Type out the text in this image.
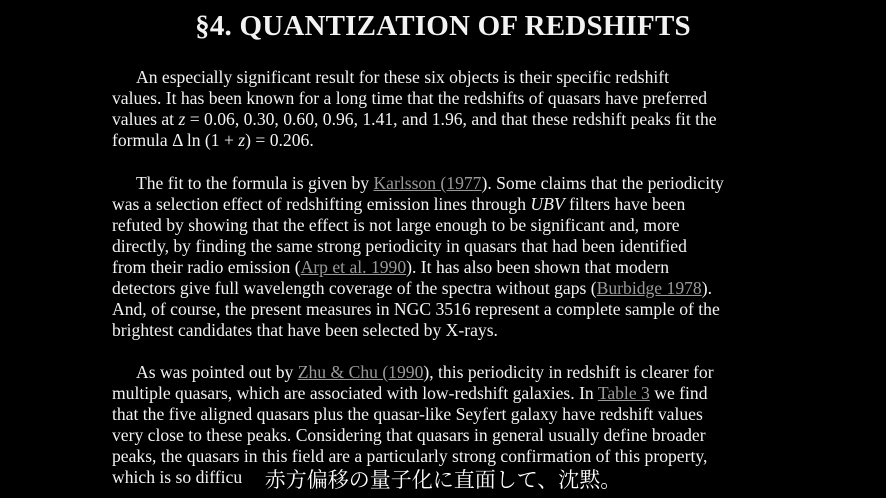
§4. QUANTIZATION OF REDSHIFTS
An especially significant result for these six objects is their specific redshift
values. It has been known for a long time that the redshifts of quasars have preferred
values at z = 0.06, 0.30, 0.60, 0.96, 1.41, and 1.96, and that these redshift peaks fit the
formula Δ ln (1 + z) = 0.206.
The fit to the formula is given by Karlsson (1977). Some claims that the periodicity
was a selection effect of redshifting emission lines through UBV filters have been
refuted by showing that the effect is not large enough to be significant and, more
directly, by finding the same strong periodicity in quasars that had been identified
from their radio emission (Arp et al. 1990). It has also been shown that modern
detectors give full wavelength coverage of the spectra without gaps (Burbidge 1978).
And, of course, the present measures in NGC 3516 represent a complete sample of the
brightest candidates that have been selected by X-rays.
As was pointed out by Zhu & Chu (1990), this periodicity in redshift is clearer for
multiple quasars, which are associated with low-redshift galaxies. In Table 3 we find
that the five aligned quasars plus the quasar-like Seyfert galaxy have redshift values
very close to these peaks. Considering that quasars in general usually define broader
peaks, the quasars in this field are a particularly strong confirmation of this property,
which is so difficu	赤方偏移の量子化に直面して、沈黙。
